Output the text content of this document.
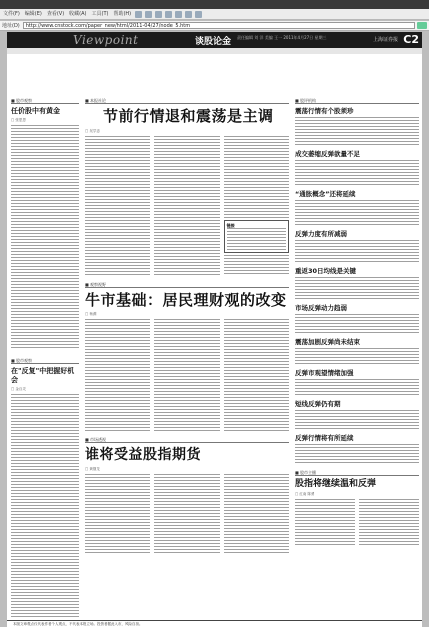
文件(F) 编辑(E) 查看(V) 收藏(A) 工具(T) 帮助(H)
地址(D)	http://www.cnstock.com/paper_new/html/2011-04/27/node_5.htm
Viewpoint	谈股论金 责任编辑 刘 洋 美编 王一 2011年4月27日 星期三	上海证券报 C2
■ 股市观察
任价股中有黄金
□ 张思思
■ 股市观察
在"反复"中把握好机会
□ 金百灵
■ 本报社论
节前行情退和震荡是主调
□ 吴学忠
链接
■ 观察视野
牛市基础：居民理财观的改变
□ 杨溯
■ 市场透视
谁将受益股指期货
□ 黄继龙
■ 股评机构
震荡行情有个股须珍
成交萎缩反弹欲量不足
“通胀概念”还将延续
反弹力度有所减弱
重返30日均线是关键
市场反弹动力趋弱
震荡加剧反弹尚未结束
反弹市观望情绪加强
短线反弹仍有期
反弹行情将有所延续
■ 股市主播
股指将继续温和反弹
□ 红南 陈勇
本版文章观点仅代表作者个人观点，不代表本报立场。投资者据此入市，风险自担。
